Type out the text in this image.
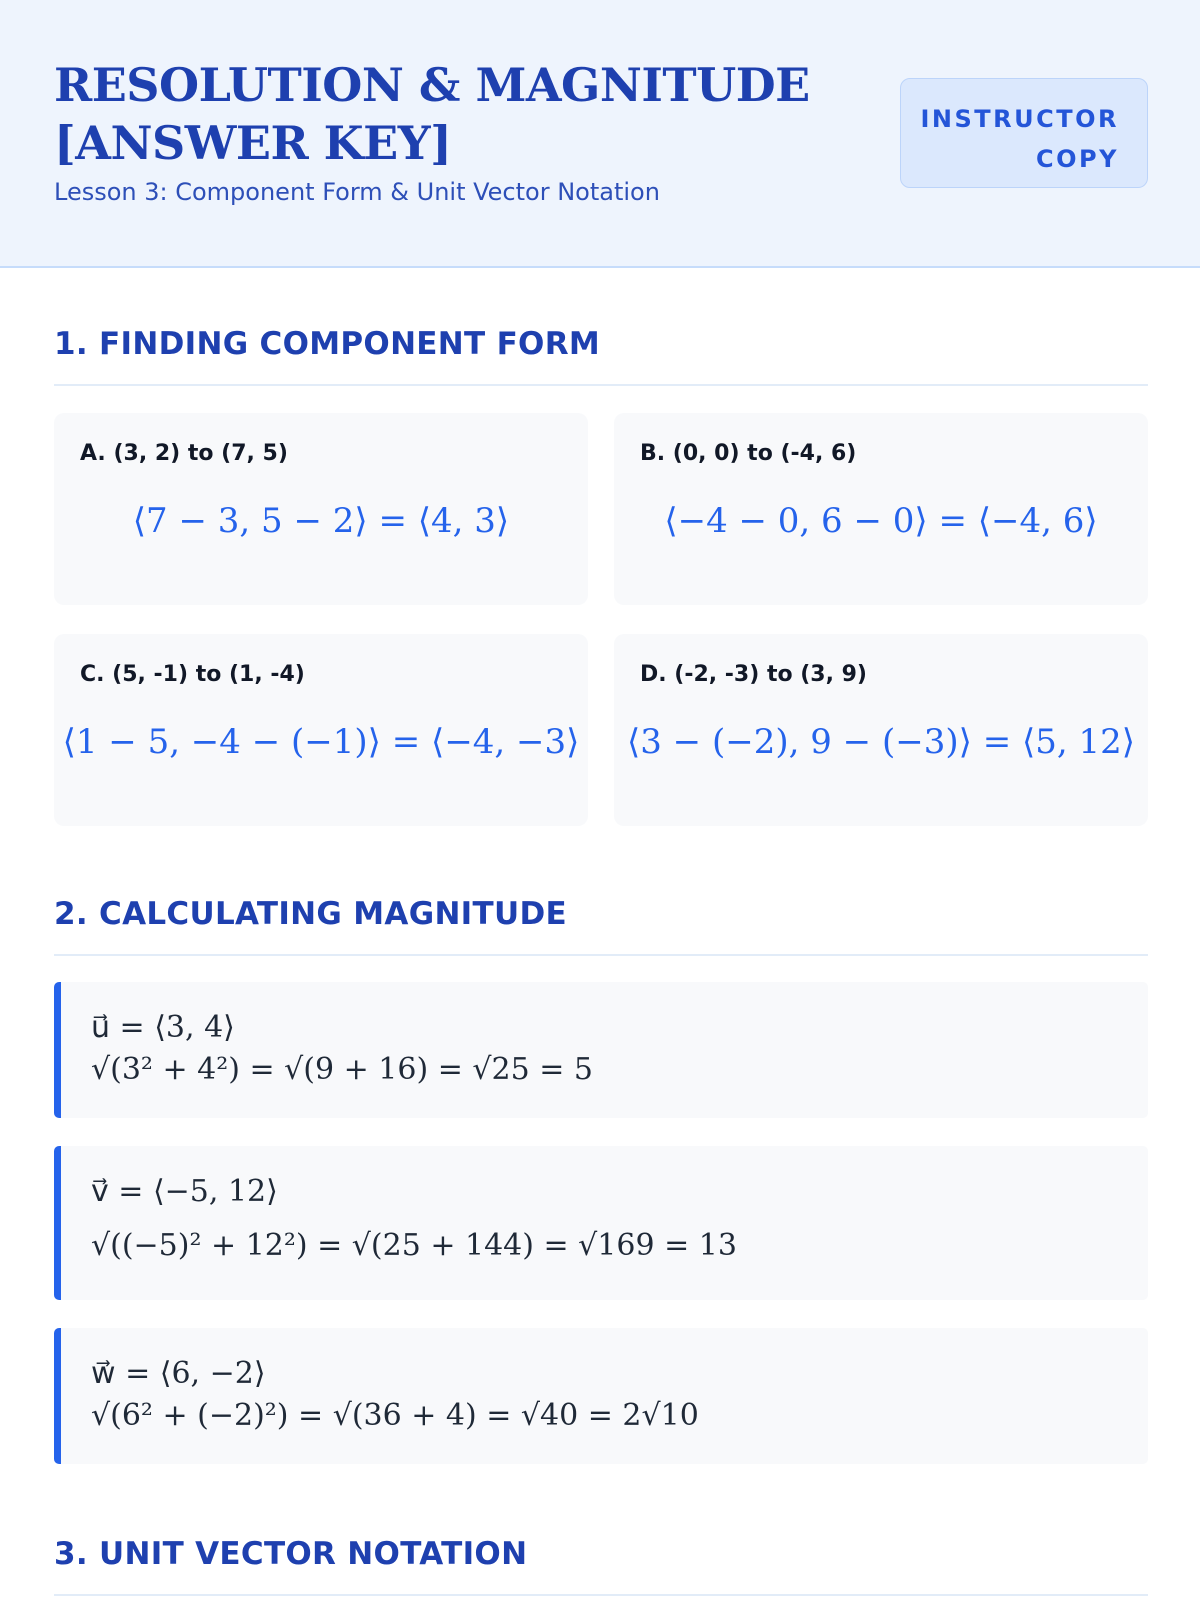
RESOLUTION & MAGNITUDE
[ANSWER KEY]
Lesson 3: Component Form & Unit Vector Notation
INSTRUCTOR
COPY
1. FINDING COMPONENT FORM
A. (3, 2) to (7, 5)
⟨7 − 3, 5 − 2⟩ = ⟨4, 3⟩
B. (0, 0) to (-4, 6)
⟨−4 − 0, 6 − 0⟩ = ⟨−4, 6⟩
C. (5, -1) to (1, -4)
⟨1 − 5, −4 − (−1)⟩ = ⟨−4, −3⟩
D. (-2, -3) to (3, 9)
⟨3 − (−2), 9 − (−3)⟩ = ⟨5, 12⟩
2. CALCULATING MAGNITUDE
u⃗ = ⟨3, 4⟩
√(3² + 4²) = √(9 + 16) = √25 = 5
v⃗ = ⟨−5, 12⟩
√((−5)² + 12²) = √(25 + 144) = √169 = 13
w⃗ = ⟨6, −2⟩
√(6² + (−2)²) = √(36 + 4) = √40 = 2√10
3. UNIT VECTOR NOTATION
